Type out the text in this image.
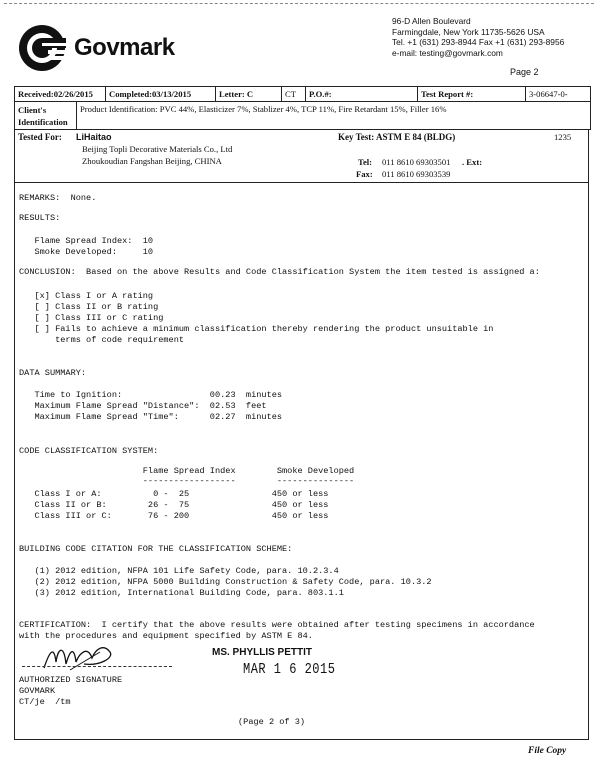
Govmark
96-D Allen Boulevard
Farmingdale, New York 11735-5626 USA
Tel. +1 (631) 293-8944 Fax +1 (631) 293-8956
e-mail: testing@govmark.com
Page 2
Received:02/26/2015	Completed:03/13/2015	Letter: C	CT	P.O.#:	Test Report #:	3-06647-0-
Client's
Identification
Product Identification: PVC 44%, Elasticizer 7%, Stablizer 4%, TCP 11%, Fire Retardant 15%, Filler 16%
Tested For: LiHaitao
Beijing Topli Decorative Materials Co., Ltd
Zhoukoudian Fangshan Beijing, CHINA
Key Test: ASTM E 84 (BLDG)	1235
Tel: 011 8610 69303501 . Ext:
Fax: 011 8610 69303539
REMARKS:  None.
RESULTS:
Flame Spread Index:  10
Smoke Developed:     10
CONCLUSION:  Based on the above Results and Code Classification System the item tested is assigned a:
[x] Class I or A rating
[ ] Class II or B rating
[ ] Class III or C rating
[ ] Fails to achieve a minimum classification thereby rendering the product unsuitable in
terms of code requirement
DATA SUMMARY:
Time to Ignition:                 00.23  minutes
Maximum Flame Spread "Distance":  02.53  feet
Maximum Flame Spread "Time":      02.27  minutes
CODE CLASSIFICATION SYSTEM:
Flame Spread Index        Smoke Developed
------------------        ---------------
Class I or A:          0 -  25                450 or less
Class II or B:        26 -  75                450 or less
Class III or C:       76 - 200                450 or less
BUILDING CODE CITATION FOR THE CLASSIFICATION SCHEME:
(1) 2012 edition, NFPA 101 Life Safety Code, para. 10.2.3.4
(2) 2012 edition, NFPA 5000 Building Construction & Safety Code, para. 10.3.2
(3) 2012 edition, International Building Code, para. 803.1.1
CERTIFICATION:  I certify that the above results were obtained after testing specimens in accordance
with the procedures and equipment specified by ASTM E 84.
MS. PHYLLIS PETTIT
MAR 1 6 2015
AUTHORIZED SIGNATURE
GOVMARK
CT/je  /tm
(Page 2 of 3)
File Copy
